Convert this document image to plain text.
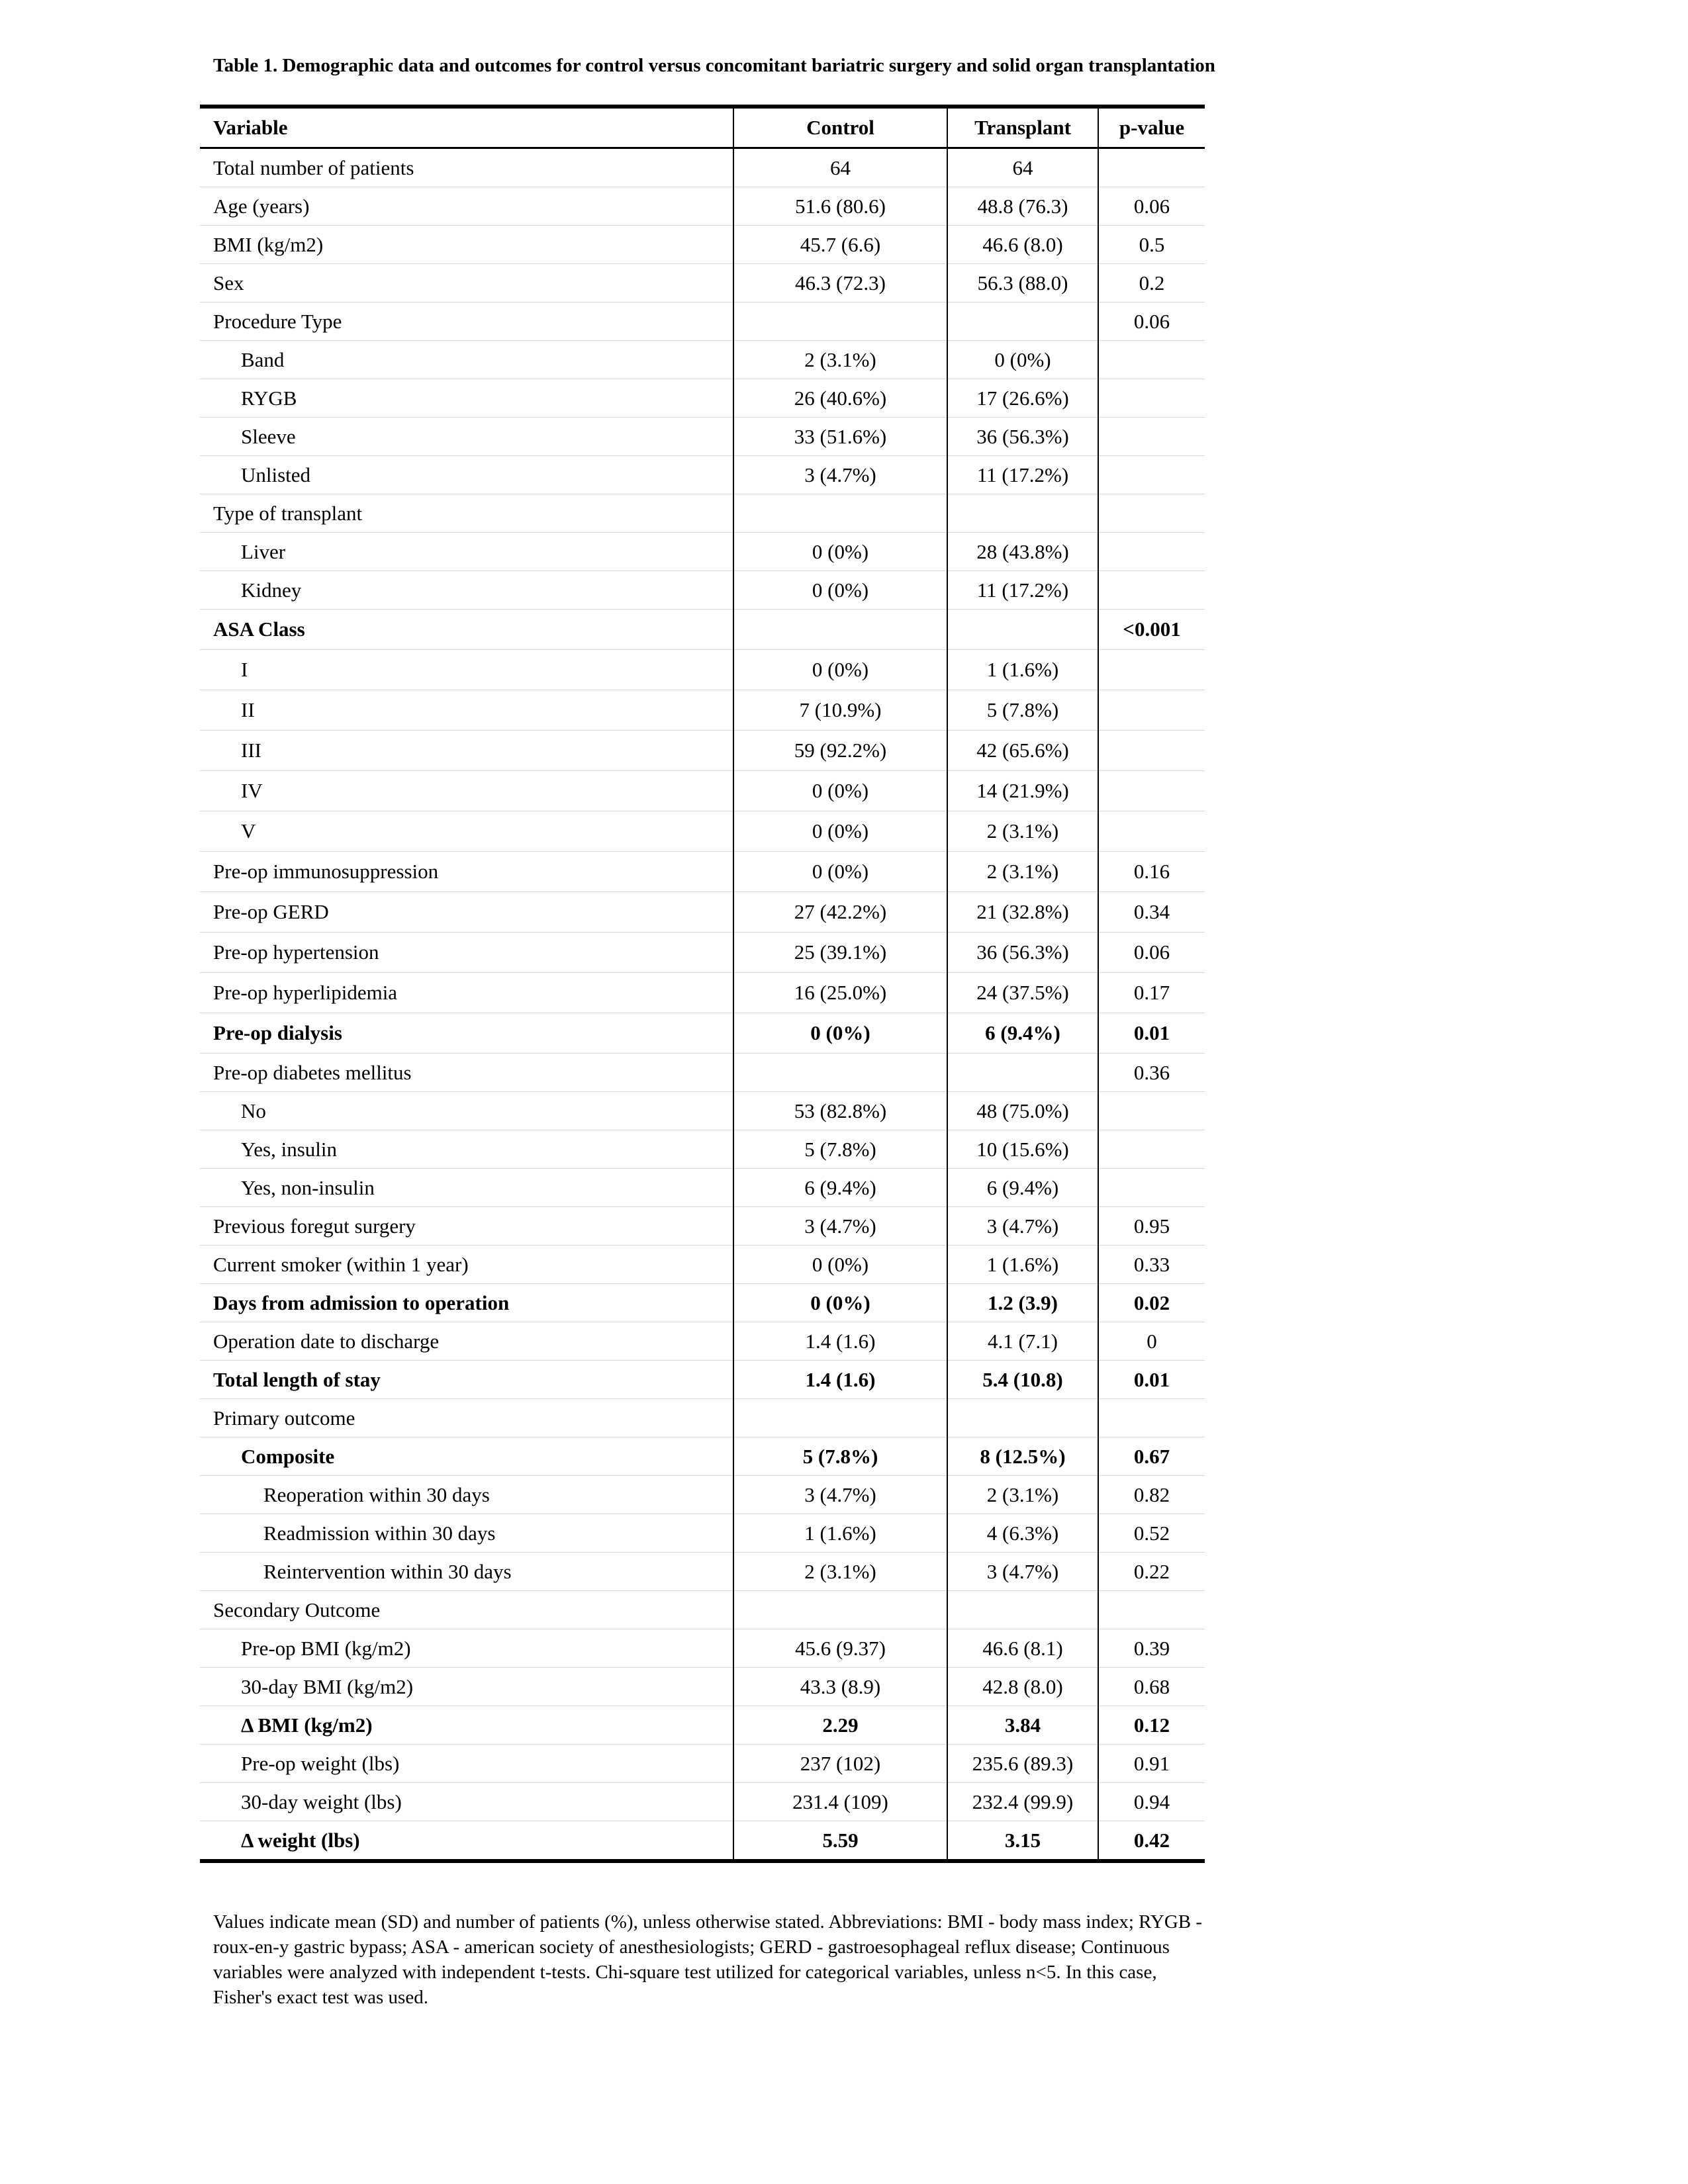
Table 1. Demographic data and outcomes for control versus concomitant bariatric surgery and solid organ transplantation

Variable	Control	Transplant	p-value
Total number of patients	64	64	
Age (years)	51.6 (80.6)	48.8 (76.3)	0.06
BMI (kg/m2)	45.7 (6.6)	46.6 (8.0)	0.5
Sex	46.3 (72.3)	56.3 (88.0)	0.2
Procedure Type			0.06
Band	2 (3.1%)	0 (0%)	
RYGB	26 (40.6%)	17 (26.6%)	
Sleeve	33 (51.6%)	36 (56.3%)	
Unlisted	3 (4.7%)	11 (17.2%)	
Type of transplant			
Liver	0 (0%)	28 (43.8%)	
Kidney	0 (0%)	11 (17.2%)	
ASA Class			<0.001
I	0 (0%)	1 (1.6%)	
II	7 (10.9%)	5 (7.8%)	
III	59 (92.2%)	42 (65.6%)	
IV	0 (0%)	14 (21.9%)	
V	0 (0%)	2 (3.1%)	
Pre-op immunosuppression	0 (0%)	2 (3.1%)	0.16
Pre-op GERD	27 (42.2%)	21 (32.8%)	0.34
Pre-op hypertension	25 (39.1%)	36 (56.3%)	0.06
Pre-op hyperlipidemia	16 (25.0%)	24 (37.5%)	0.17
Pre-op dialysis	0 (0%)	6 (9.4%)	0.01
Pre-op diabetes mellitus			0.36
No	53 (82.8%)	48 (75.0%)	
Yes, insulin	5 (7.8%)	10 (15.6%)	
Yes, non-insulin	6 (9.4%)	6 (9.4%)	
Previous foregut surgery	3 (4.7%)	3 (4.7%)	0.95
Current smoker (within 1 year)	0 (0%)	1 (1.6%)	0.33
Days from admission to operation	0 (0%)	1.2 (3.9)	0.02
Operation date to discharge	1.4 (1.6)	4.1 (7.1)	0
Total length of stay	1.4 (1.6)	5.4 (10.8)	0.01
Primary outcome			
Composite	5 (7.8%)	8 (12.5%)	0.67
Reoperation within 30 days	3 (4.7%)	2 (3.1%)	0.82
Readmission within 30 days	1 (1.6%)	4 (6.3%)	0.52
Reintervention within 30 days	2 (3.1%)	3 (4.7%)	0.22
Secondary Outcome			
Pre-op BMI (kg/m2)	45.6 (9.37)	46.6 (8.1)	0.39
30-day BMI (kg/m2)	43.3 (8.9)	42.8 (8.0)	0.68
Δ BMI (kg/m2)	2.29	3.84	0.12
Pre-op weight (lbs)	237 (102)	235.6 (89.3)	0.91
30-day weight (lbs)	231.4 (109)	232.4 (99.9)	0.94
Δ weight (lbs)	5.59	3.15	0.42

Values indicate mean (SD) and number of patients (%), unless otherwise stated. Abbreviations: BMI - body mass index; RYGB - roux-en-y gastric bypass; ASA - american society of anesthesiologists; GERD - gastroesophageal reflux disease; Continuous variables were analyzed with independent t-tests. Chi-square test utilized for categorical variables, unless n<5. In this case, Fisher's exact test was used.
